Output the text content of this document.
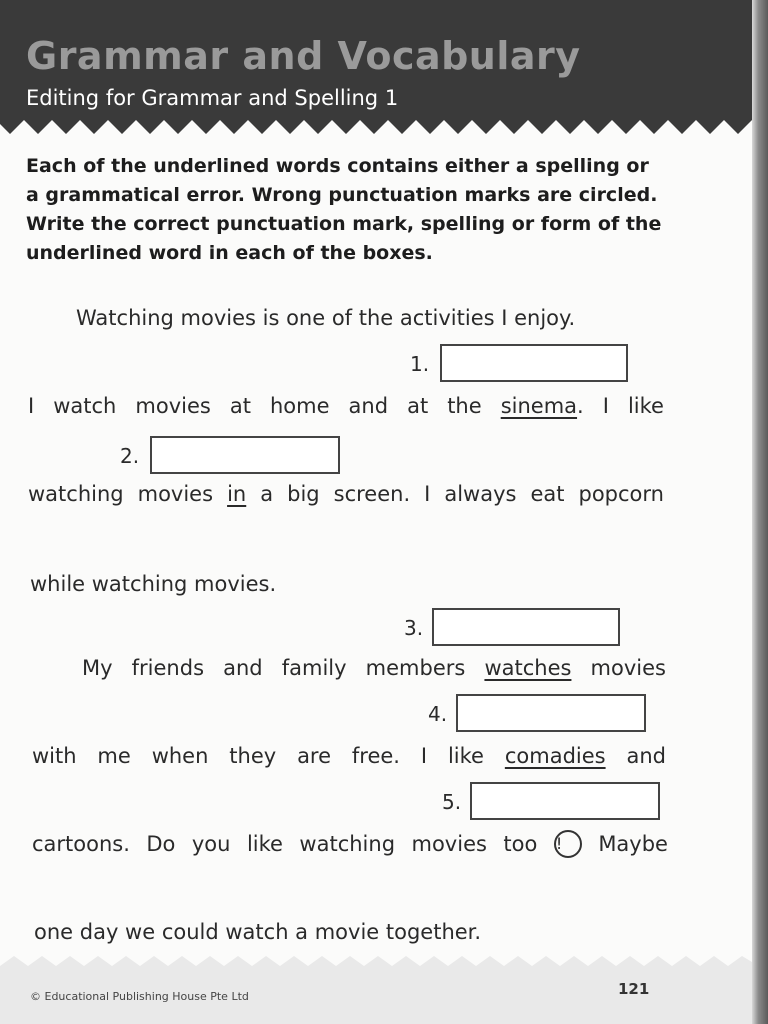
Grammar and Vocabulary
Editing for Grammar and Spelling 1

Each of the underlined words contains either a spelling or a grammatical error. Wrong punctuation marks are circled. Write the correct punctuation mark, spelling or form of the underlined word in each of the boxes.

Watching movies is one of the activities I enjoy.
I watch movies at home and at the sinema. I like
watching movies in a big screen. I always eat popcorn
while watching movies.
My friends and family members watches movies
with me when they are free. I like comadies and
cartoons. Do you like watching movies too ! Maybe
one day we could watch a movie together.
1.
2.
3.
4.
5.
© Educational Publishing House Pte Ltd	121
